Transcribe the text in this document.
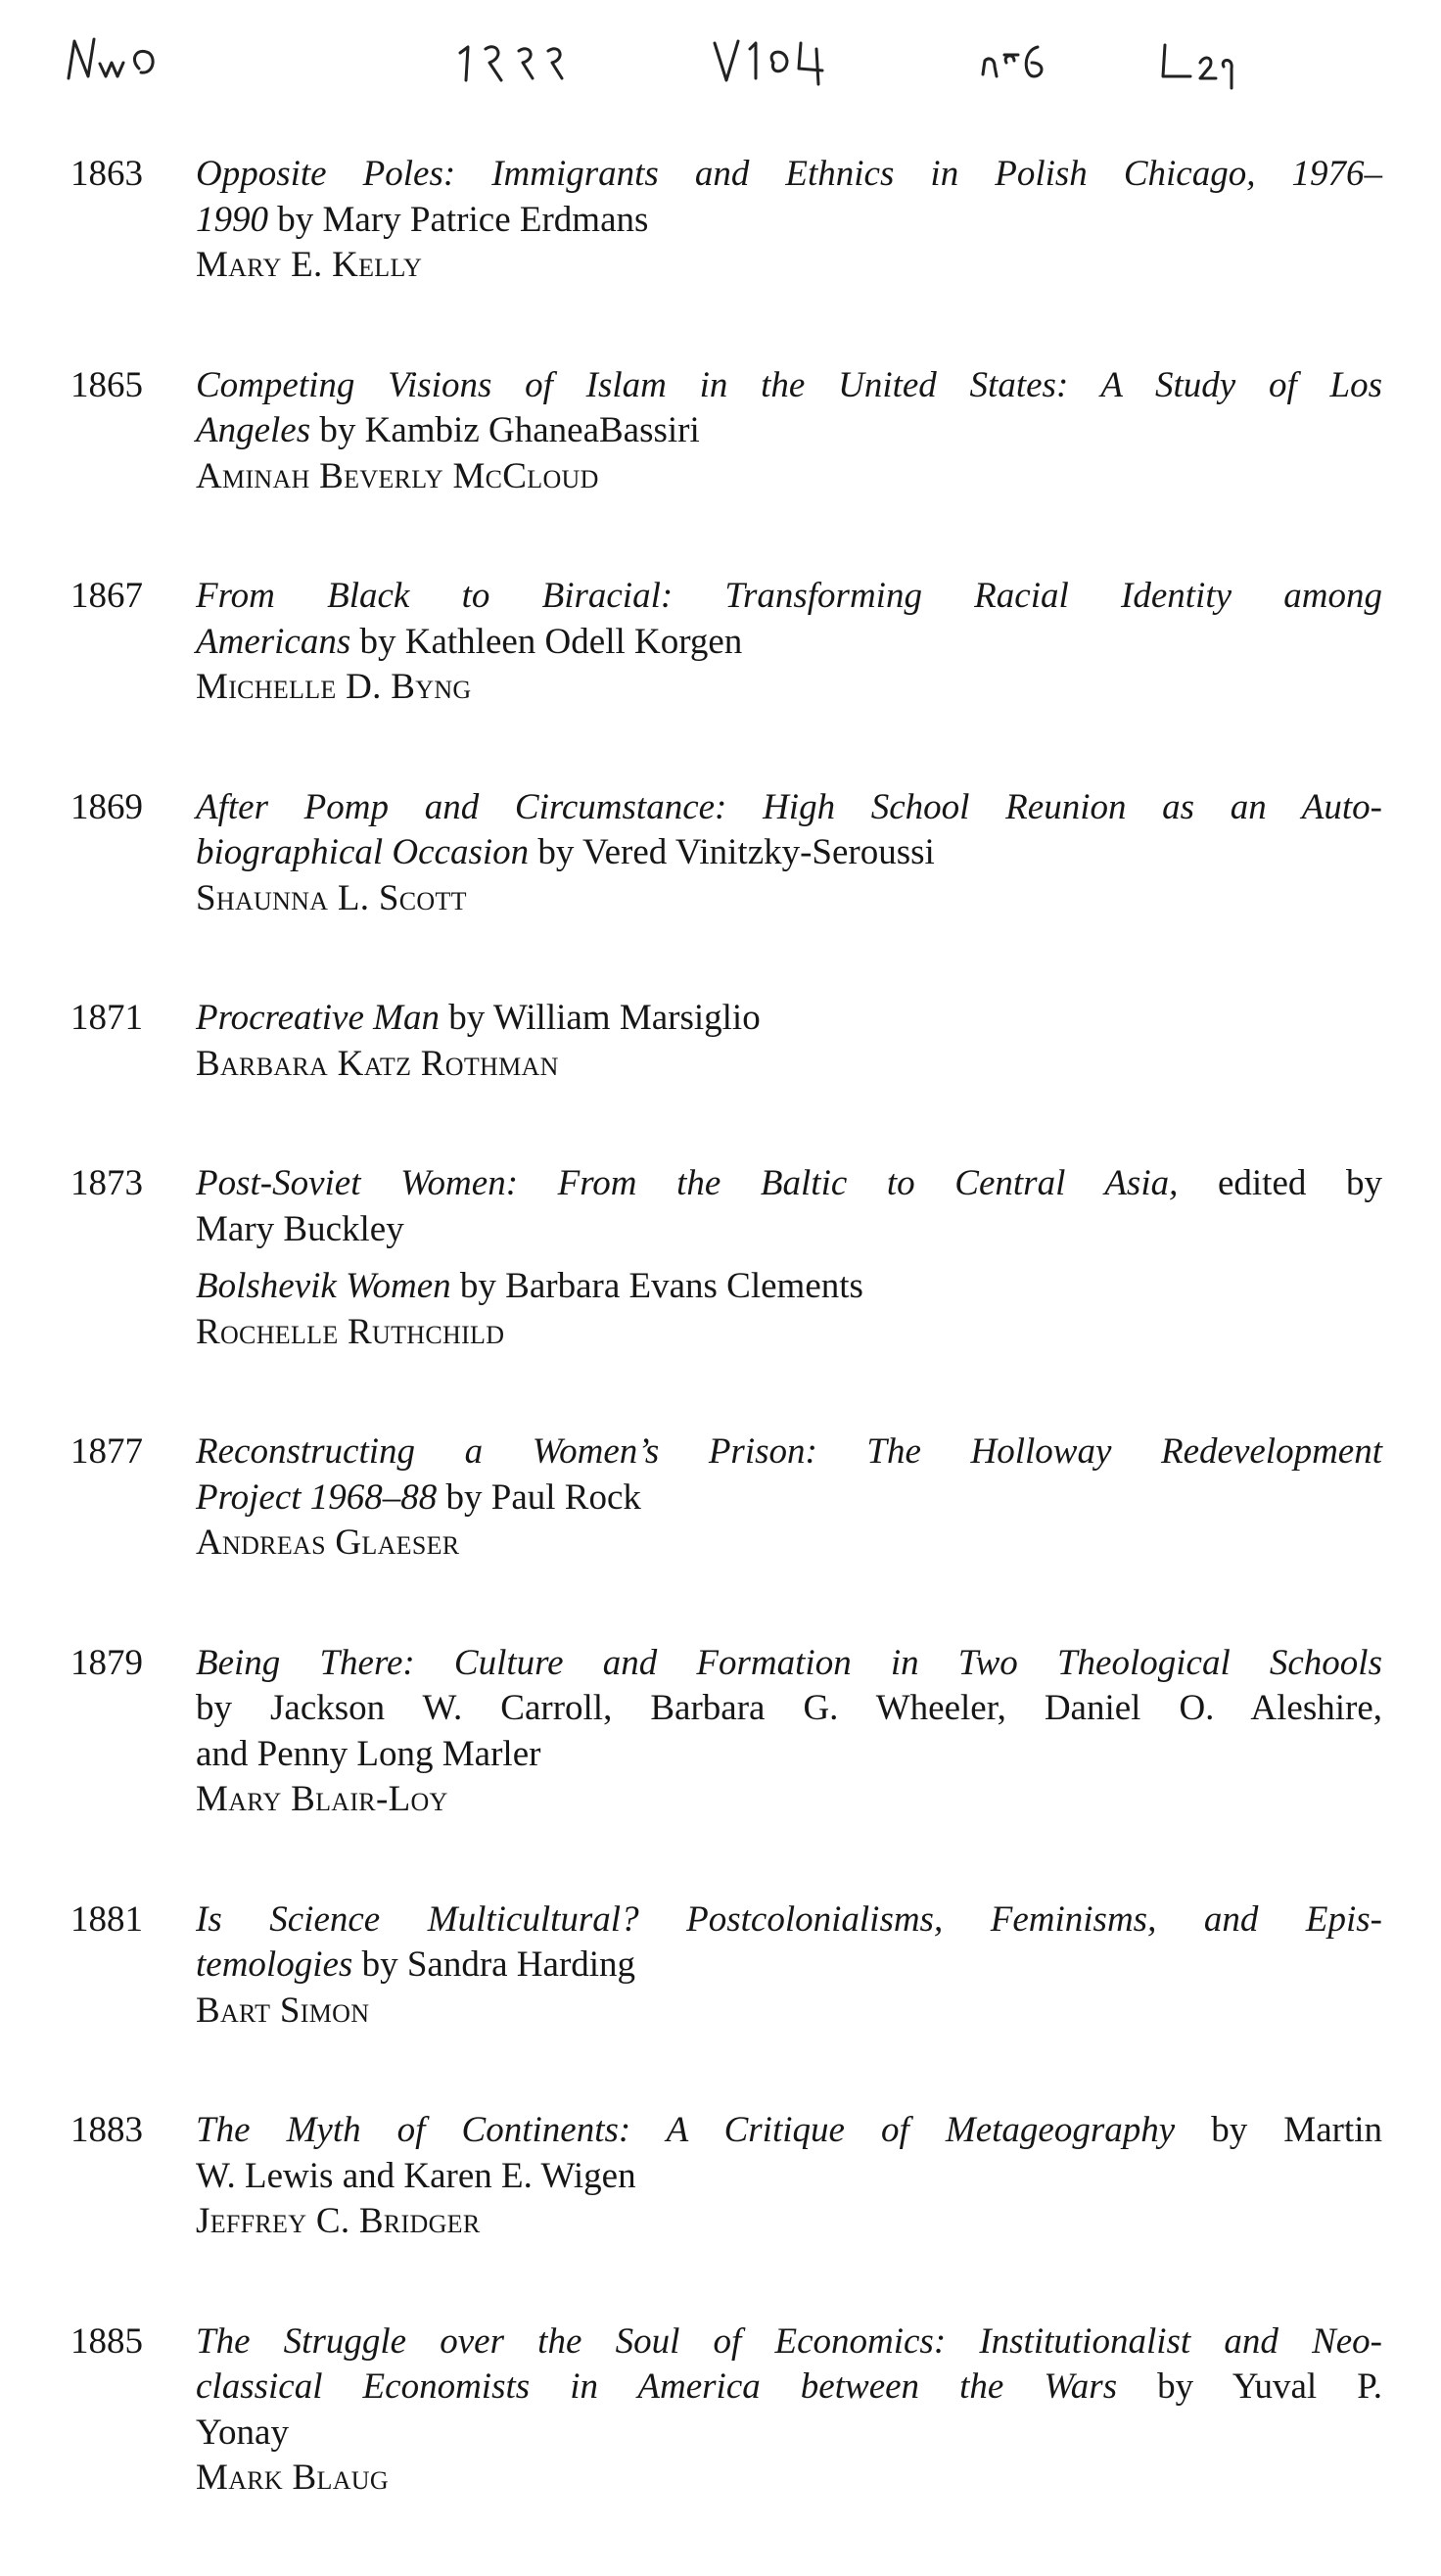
1863	Opposite Poles: Immigrants and Ethnics in Polish Chicago, 1976–
1990 by Mary Patrice Erdmans
Mary E. Kelly
1865	Competing Visions of Islam in the United States: A Study of Los
Angeles by Kambiz GhaneaBassiri
Aminah Beverly McCloud
1867	From Black to Biracial: Transforming Racial Identity among
Americans by Kathleen Odell Korgen
Michelle D. Byng
1869	After Pomp and Circumstance: High School Reunion as an Auto-
biographical Occasion by Vered Vinitzky-Seroussi
Shaunna L. Scott
1871	Procreative Man by William Marsiglio
Barbara Katz Rothman
1873	Post-Soviet Women: From the Baltic to Central Asia, edited by
Mary Buckley
Bolshevik Women by Barbara Evans Clements
Rochelle Ruthchild
1877	Reconstructing a Women’s Prison: The Holloway Redevelopment
Project 1968–88 by Paul Rock
Andreas Glaeser
1879	Being There: Culture and Formation in Two Theological Schools
by Jackson W. Carroll, Barbara G. Wheeler, Daniel O. Aleshire,
and Penny Long Marler
Mary Blair-Loy
1881	Is Science Multicultural? Postcolonialisms, Feminisms, and Epis-
temologies by Sandra Harding
Bart Simon
1883	The Myth of Continents: A Critique of Metageography by Martin
W. Lewis and Karen E. Wigen
Jeffrey C. Bridger
1885	The Struggle over the Soul of Economics: Institutionalist and Neo-
classical Economists in America between the Wars by Yuval P.
Yonay
Mark Blaug
